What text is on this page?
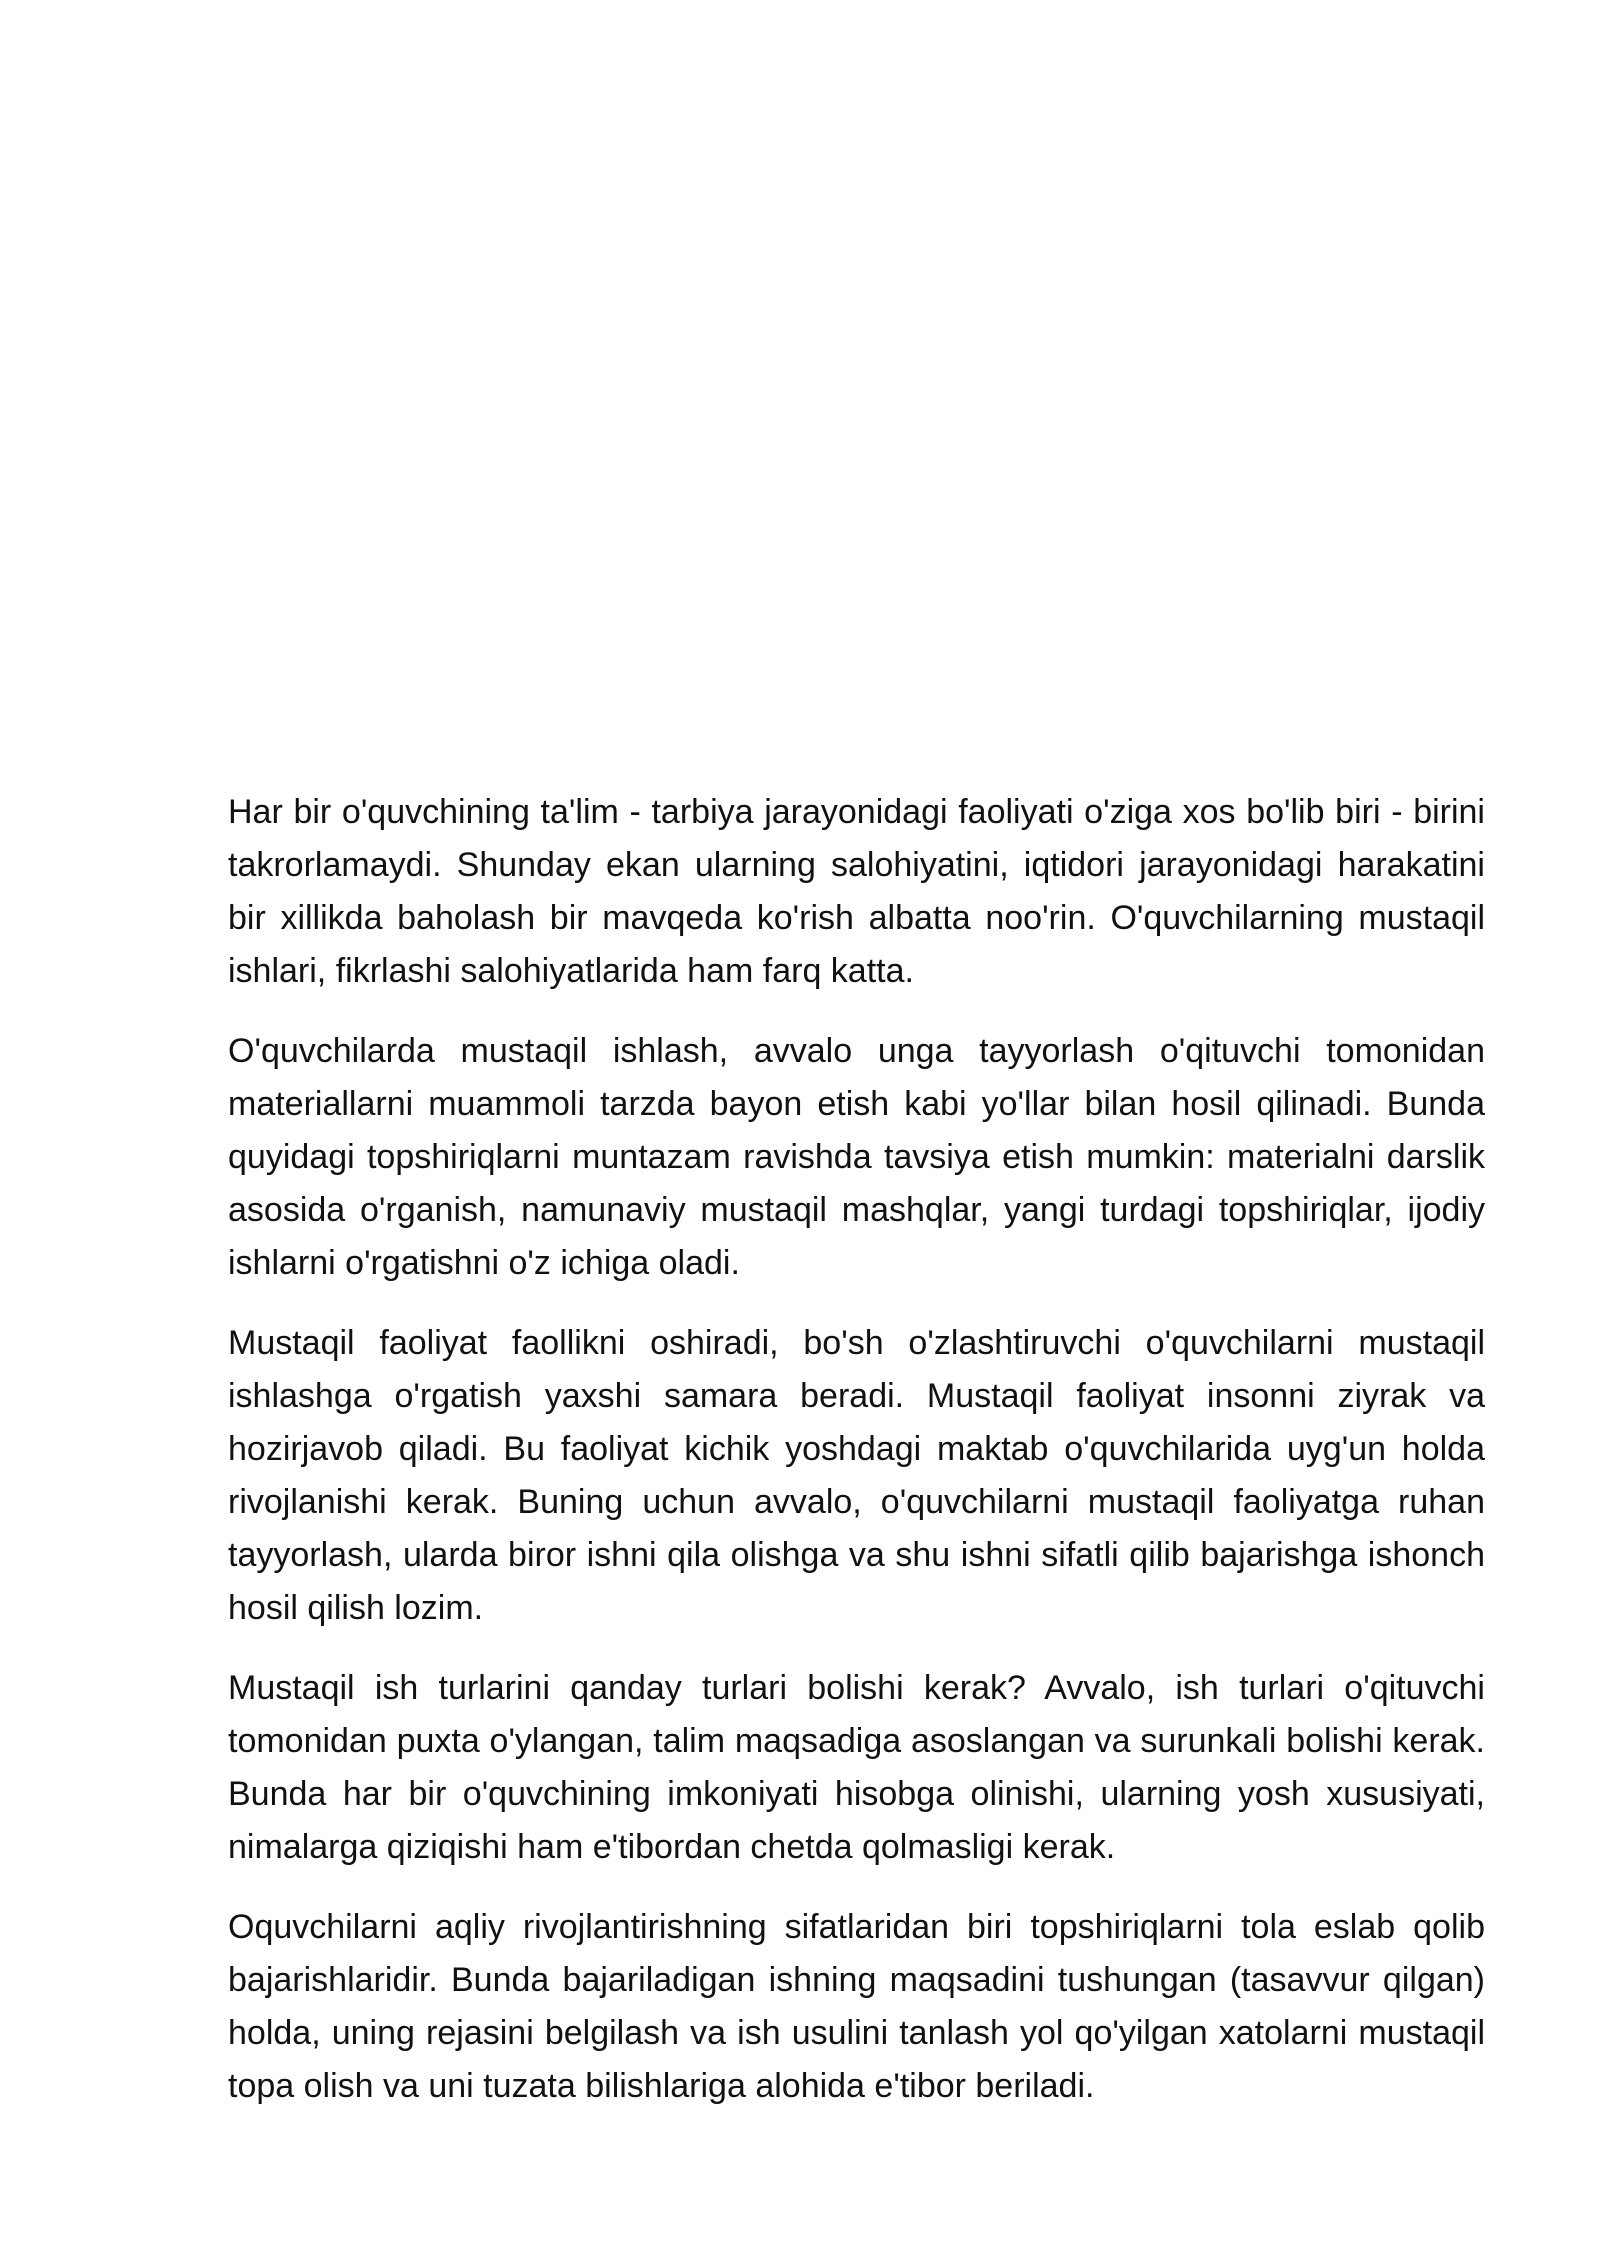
Har bir o'quvchining ta'lim - tarbiya jarayonidagi faoliyati o'ziga xos bo'lib biri - birini takrorlamaydi. Shunday ekan ularning salohiyatini, iqtidori jarayonidagi harakatini bir xillikda baholash bir mavqeda ko'rish albatta noo'rin. O'quvchilarning mustaqil ishlari, fikrlashi salohiyatlarida ham farq katta.

O'quvchilarda mustaqil ishlash, avvalo unga tayyorlash o'qituvchi tomonidan materiallarni muammoli tarzda bayon etish kabi yo'llar bilan hosil qilinadi. Bunda quyidagi topshiriqlarni muntazam ravishda tavsiya etish mumkin: materialni darslik asosida o'rganish, namunaviy mustaqil mashqlar, yangi turdagi topshiriqlar, ijodiy ishlarni o'rgatishni o'z ichiga oladi.

Mustaqil faoliyat faollikni oshiradi, bo'sh o'zlashtiruvchi o'quvchilarni mustaqil ishlashga o'rgatish yaxshi samara beradi. Mustaqil faoliyat insonni ziyrak va hozirjavob qiladi. Bu faoliyat kichik yoshdagi maktab o'quvchilarida uyg'un holda rivojlanishi kerak. Buning uchun avvalo, o'quvchilarni mustaqil faoliyatga ruhan tayyorlash, ularda biror ishni qila olishga va shu ishni sifatli qilib bajarishga ishonch hosil qilish lozim.

Mustaqil ish turlarini qanday turlari bolishi kerak? Avvalo, ish turlari o'qituvchi tomonidan puxta o'ylangan, talim maqsadiga asoslangan va surunkali bolishi kerak. Bunda har bir o'quvchining imkoniyati hisobga olinishi, ularning yosh xususiyati, nimalarga qiziqishi ham e'tibordan chetda qolmasligi kerak.

Oquvchilarni aqliy rivojlantirishning sifatlaridan biri topshiriqlarni tola eslab qolib bajarishlaridir. Bunda bajariladigan ishning maqsadini tushungan (tasavvur qilgan) holda, uning rejasini belgilash va ish usulini tanlash yol qo'yilgan xatolarni mustaqil topa olish va uni tuzata bilishlariga alohida e'tibor beriladi.
